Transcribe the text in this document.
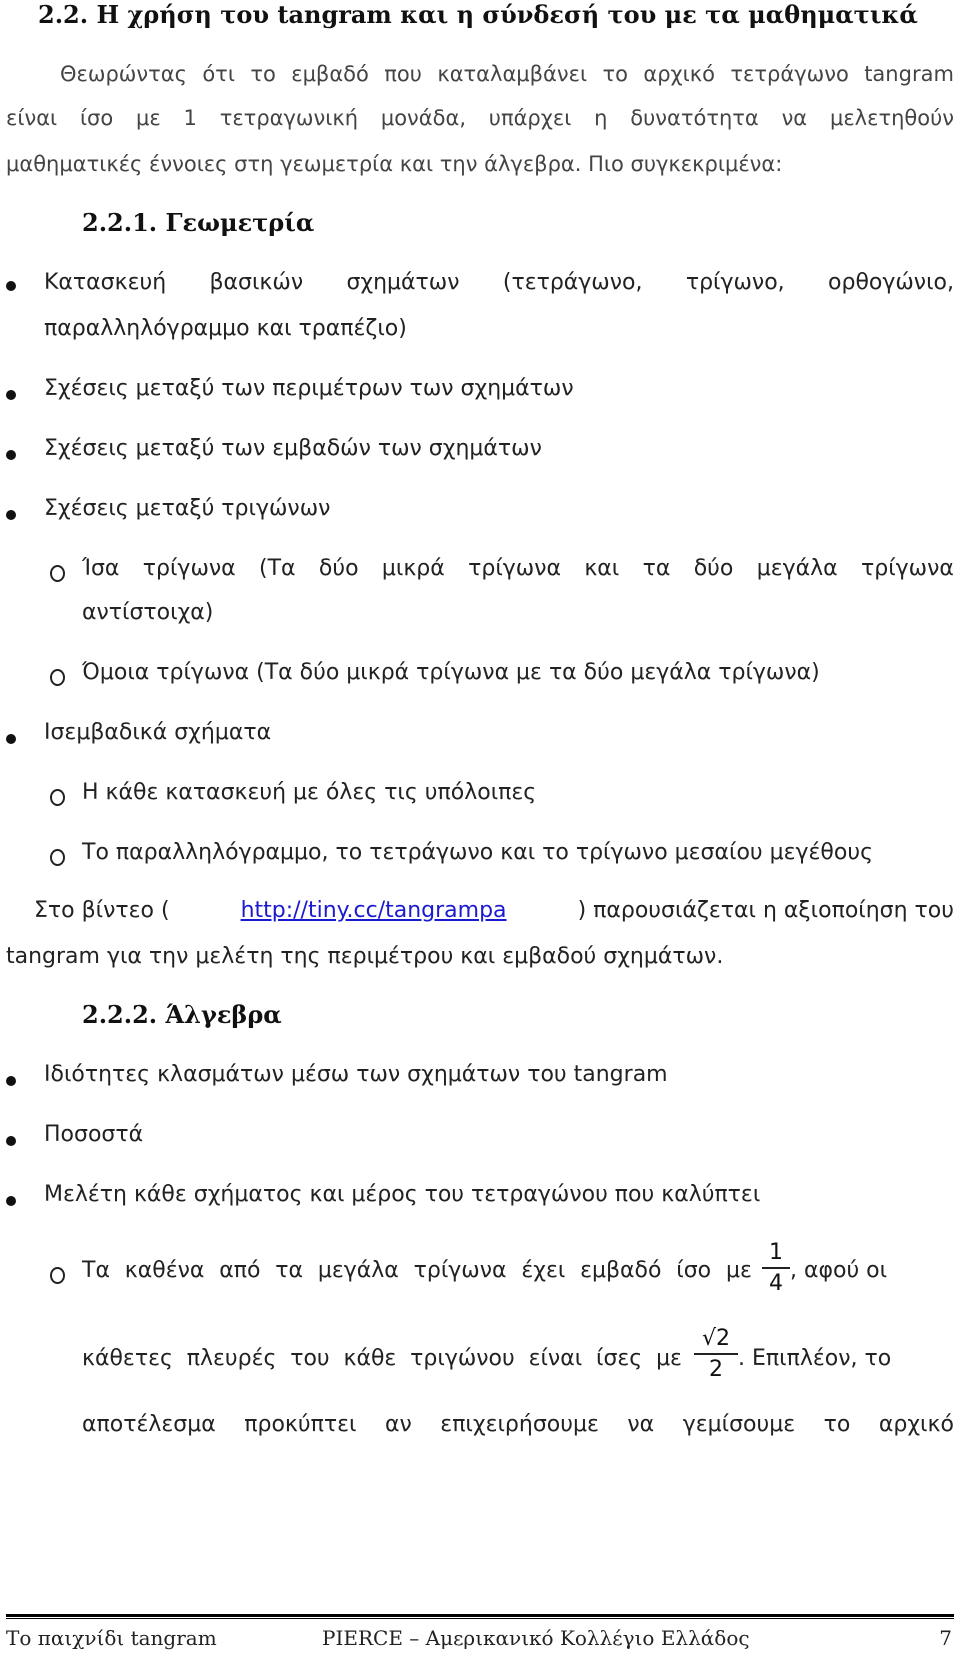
2.2. Η χρήση του tangram και η σύνδεσή του με τα μαθηματικά
Θεωρώντας ότι το εμβαδό που καταλαμβάνει το αρχικό τετράγωνο tangram
είναι ίσο με 1 τετραγωνική μονάδα, υπάρχει η δυνατότητα να μελετηθούν
μαθηματικές έννοιες στη γεωμετρία και την άλγεβρα. Πιο συγκεκριμένα:
2.2.1. Γεωμετρία
Κατασκευή βασικών σχημάτων (τετράγωνο, τρίγωνο, ορθογώνιο,
παραλληλόγραμμο και τραπέζιο)
Σχέσεις μεταξύ των περιμέτρων των σχημάτων
Σχέσεις μεταξύ των εμβαδών των σχημάτων
Σχέσεις μεταξύ τριγώνων
Ίσα τρίγωνα (Τα δύο μικρά τρίγωνα και τα δύο μεγάλα τρίγωνα
αντίστοιχα)
Όμοια τρίγωνα (Τα δύο μικρά τρίγωνα με τα δύο μεγάλα τρίγωνα)
Ισεμβαδικά σχήματα
Η κάθε κατασκευή με όλες τις υπόλοιπες
Το παραλληλόγραμμο, το τετράγωνο και το τρίγωνο μεσαίου μεγέθους
Στο βίντεο (	http://tiny.cc/tangrampa	) παρουσιάζεται η αξιοποίηση του
tangram για την μελέτη της περιμέτρου και εμβαδού σχημάτων.
2.2.2. Άλγεβρα
Ιδιότητες κλασμάτων μέσω των σχημάτων του tangram
Ποσοστά
Μελέτη κάθε σχήματος και μέρος του τετραγώνου που καλύπτει
Τα καθένα από τα μεγάλα τρίγωνα έχει εμβαδό ίσο με
1
4
, αφού οι
κάθετες πλευρές του κάθε τριγώνου είναι ίσες με
√2
2 . Επιπλέον, το
αποτέλεσμα προκύπτει αν επιχειρήσουμε να γεμίσουμε το αρχικό
Το παιχνίδι tangram	PIERCE – Αμερικανικό Κολλέγιο Ελλάδος	7
